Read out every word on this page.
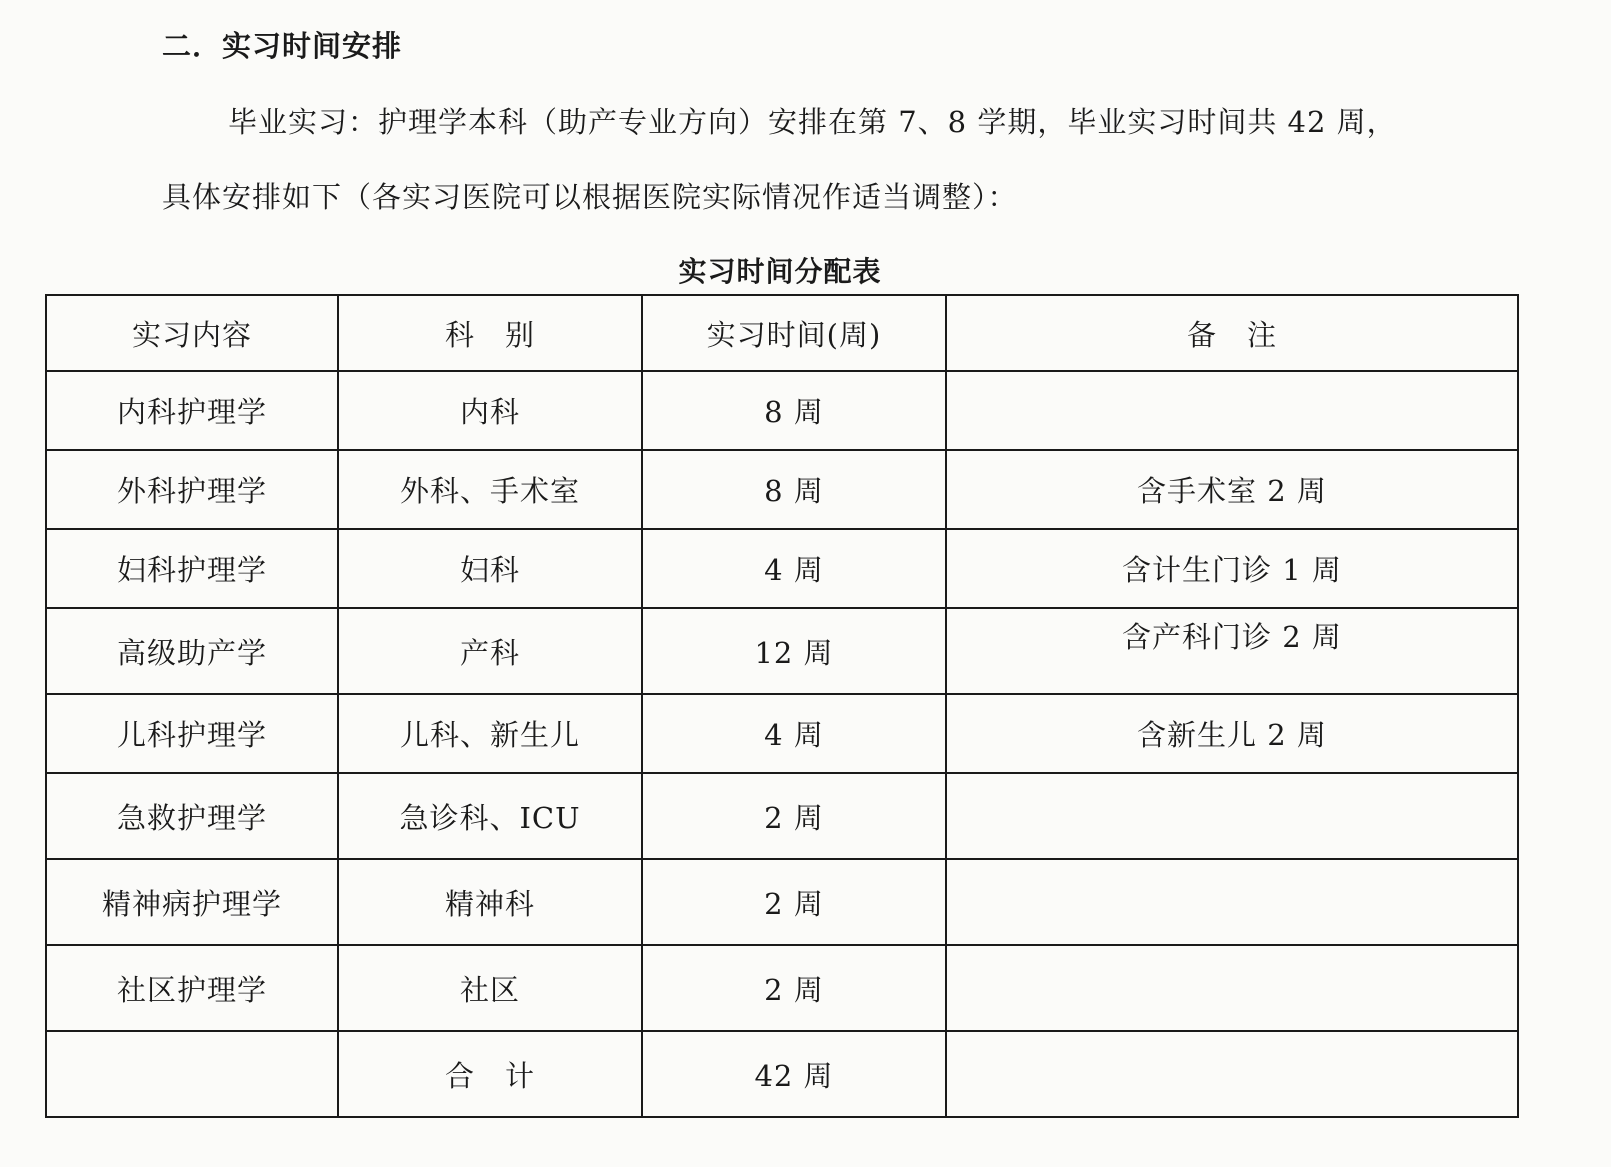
二．实习时间安排
毕业实习：护理学本科（助产专业方向）安排在第 7、8 学期，毕业实习时间共 42 周，
具体安排如下（各实习医院可以根据医院实际情况作适当调整）：
实习时间分配表
实习内容	科　别	实习时间(周)	备　注
内科护理学	内科	8 周	
外科护理学	外科、手术室	8 周	含手术室 2 周
妇科护理学	妇科	4 周	含计生门诊 1 周
高级助产学	产科	12 周	含产科门诊 2 周
儿科护理学	儿科、新生儿	4 周	含新生儿 2 周
急救护理学	急诊科、ICU	2 周	
精神病护理学	精神科	2 周	
社区护理学	社区	2 周	
	合　计	42 周	
